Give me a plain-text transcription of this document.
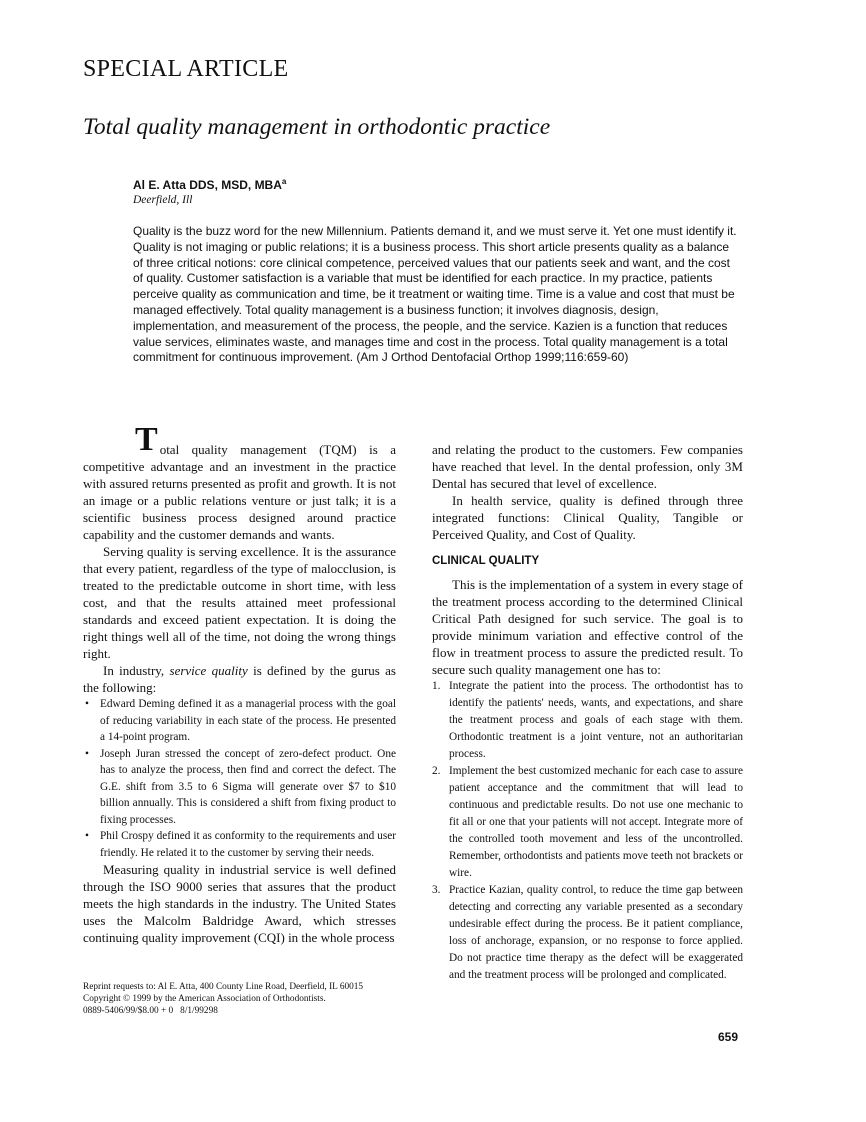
SPECIAL ARTICLE
Total quality management in orthodontic practice
Al E. Atta DDS, MSD, MBA$^a$
Deerfield, Ill
Quality is the buzz word for the new Millennium. Patients demand it, and we must serve it. Yet one must identify it. Quality is not imaging or public relations; it is a business process. This short article presents quality as a balance of three critical notions: core clinical competence, perceived values that our patients seek and want, and the cost of quality. Customer satisfaction is a variable that must be identified for each practice. In my practice, patients perceive quality as communication and time, be it treatment or waiting time. Time is a value and cost that must be managed effectively. Total quality management is a business function; it involves diagnosis, design, implementation, and measurement of the process, the people, and the service. Kazien is a function that reduces value services, eliminates waste, and manages time and cost in the process. Total quality management is a total commitment for continuous improvement. (Am J Orthod Dentofacial Orthop 1999;116:659-60)

T otal quality management (TQM) is a competitive advantage and an investment in the practice with assured returns presented as profit and growth. It is not an image or a public relations venture or just talk; it is a scientific business process designed around practice capability and the customer demands and wants.

Serving quality is serving excellence. It is the assurance that every patient, regardless of the type of malocclusion, is treated to the predictable outcome in short time, with less cost, and that the results attained meet professional standards and exceed patient expectation. It is doing the right things well all of the time, not doing the wrong things right.

In industry, service quality is defined by the gurus as the following:

• Edward Deming defined it as a managerial process with the goal of reducing variability in each state of the process. He presented a 14-point program.
• Joseph Juran stressed the concept of zero-defect product. One has to analyze the process, then find and correct the defect. The G.E. shift from 3.5 to 6 Sigma will generate over $7 to $10 billion annually. This is considered a shift from fixing product to fixing processes.
• Phil Crospy defined it as conformity to the requirements and user friendly. He related it to the customer by serving their needs.

Measuring quality in industrial service is well defined through the ISO 9000 series that assures that the product meets the high standards in the industry. The United States uses the Malcolm Baldridge Award, which stresses continuing quality improvement (CQI) in the whole process

and relating the product to the customers. Few companies have reached that level. In the dental profession, only 3M Dental has secured that level of excellence.

In health service, quality is defined through three integrated functions: Clinical Quality, Tangible or Perceived Quality, and Cost of Quality.

CLINICAL QUALITY

This is the implementation of a system in every stage of the treatment process according to the determined Clinical Critical Path designed for such service. The goal is to provide minimum variation and effective control of the flow in treatment process to assure the predicted result. To secure such quality management one has to:

1. Integrate the patient into the process. The orthodontist has to identify the patients' needs, wants, and expectations, and share the treatment process and goals of each stage with them. Orthodontic treatment is a joint venture, not an authoritarian process.
2. Implement the best customized mechanic for each case to assure patient acceptance and the commitment that will lead to continuous and predictable results. Do not use one mechanic to fit all or one that your patients will not accept. Integrate more of the controlled tooth movement and less of the uncontrolled. Remember, orthodontists and patients move teeth not brackets or wire.
3. Practice Kazian, quality control, to reduce the time gap between detecting and correcting any variable presented as a secondary undesirable effect during the process. Be it patient compliance, loss of anchorage, expansion, or no response to force applied. Do not practice time therapy as the defect will be exaggerated and the treatment process will be prolonged and complicated.
Reprint requests to: Al E. Atta, 400 County Line Road, Deerfield, IL 60015
Copyright © 1999 by the American Association of Orthodontists.
0889-5406/99/$8.00 + 0   8/1/99298
659
